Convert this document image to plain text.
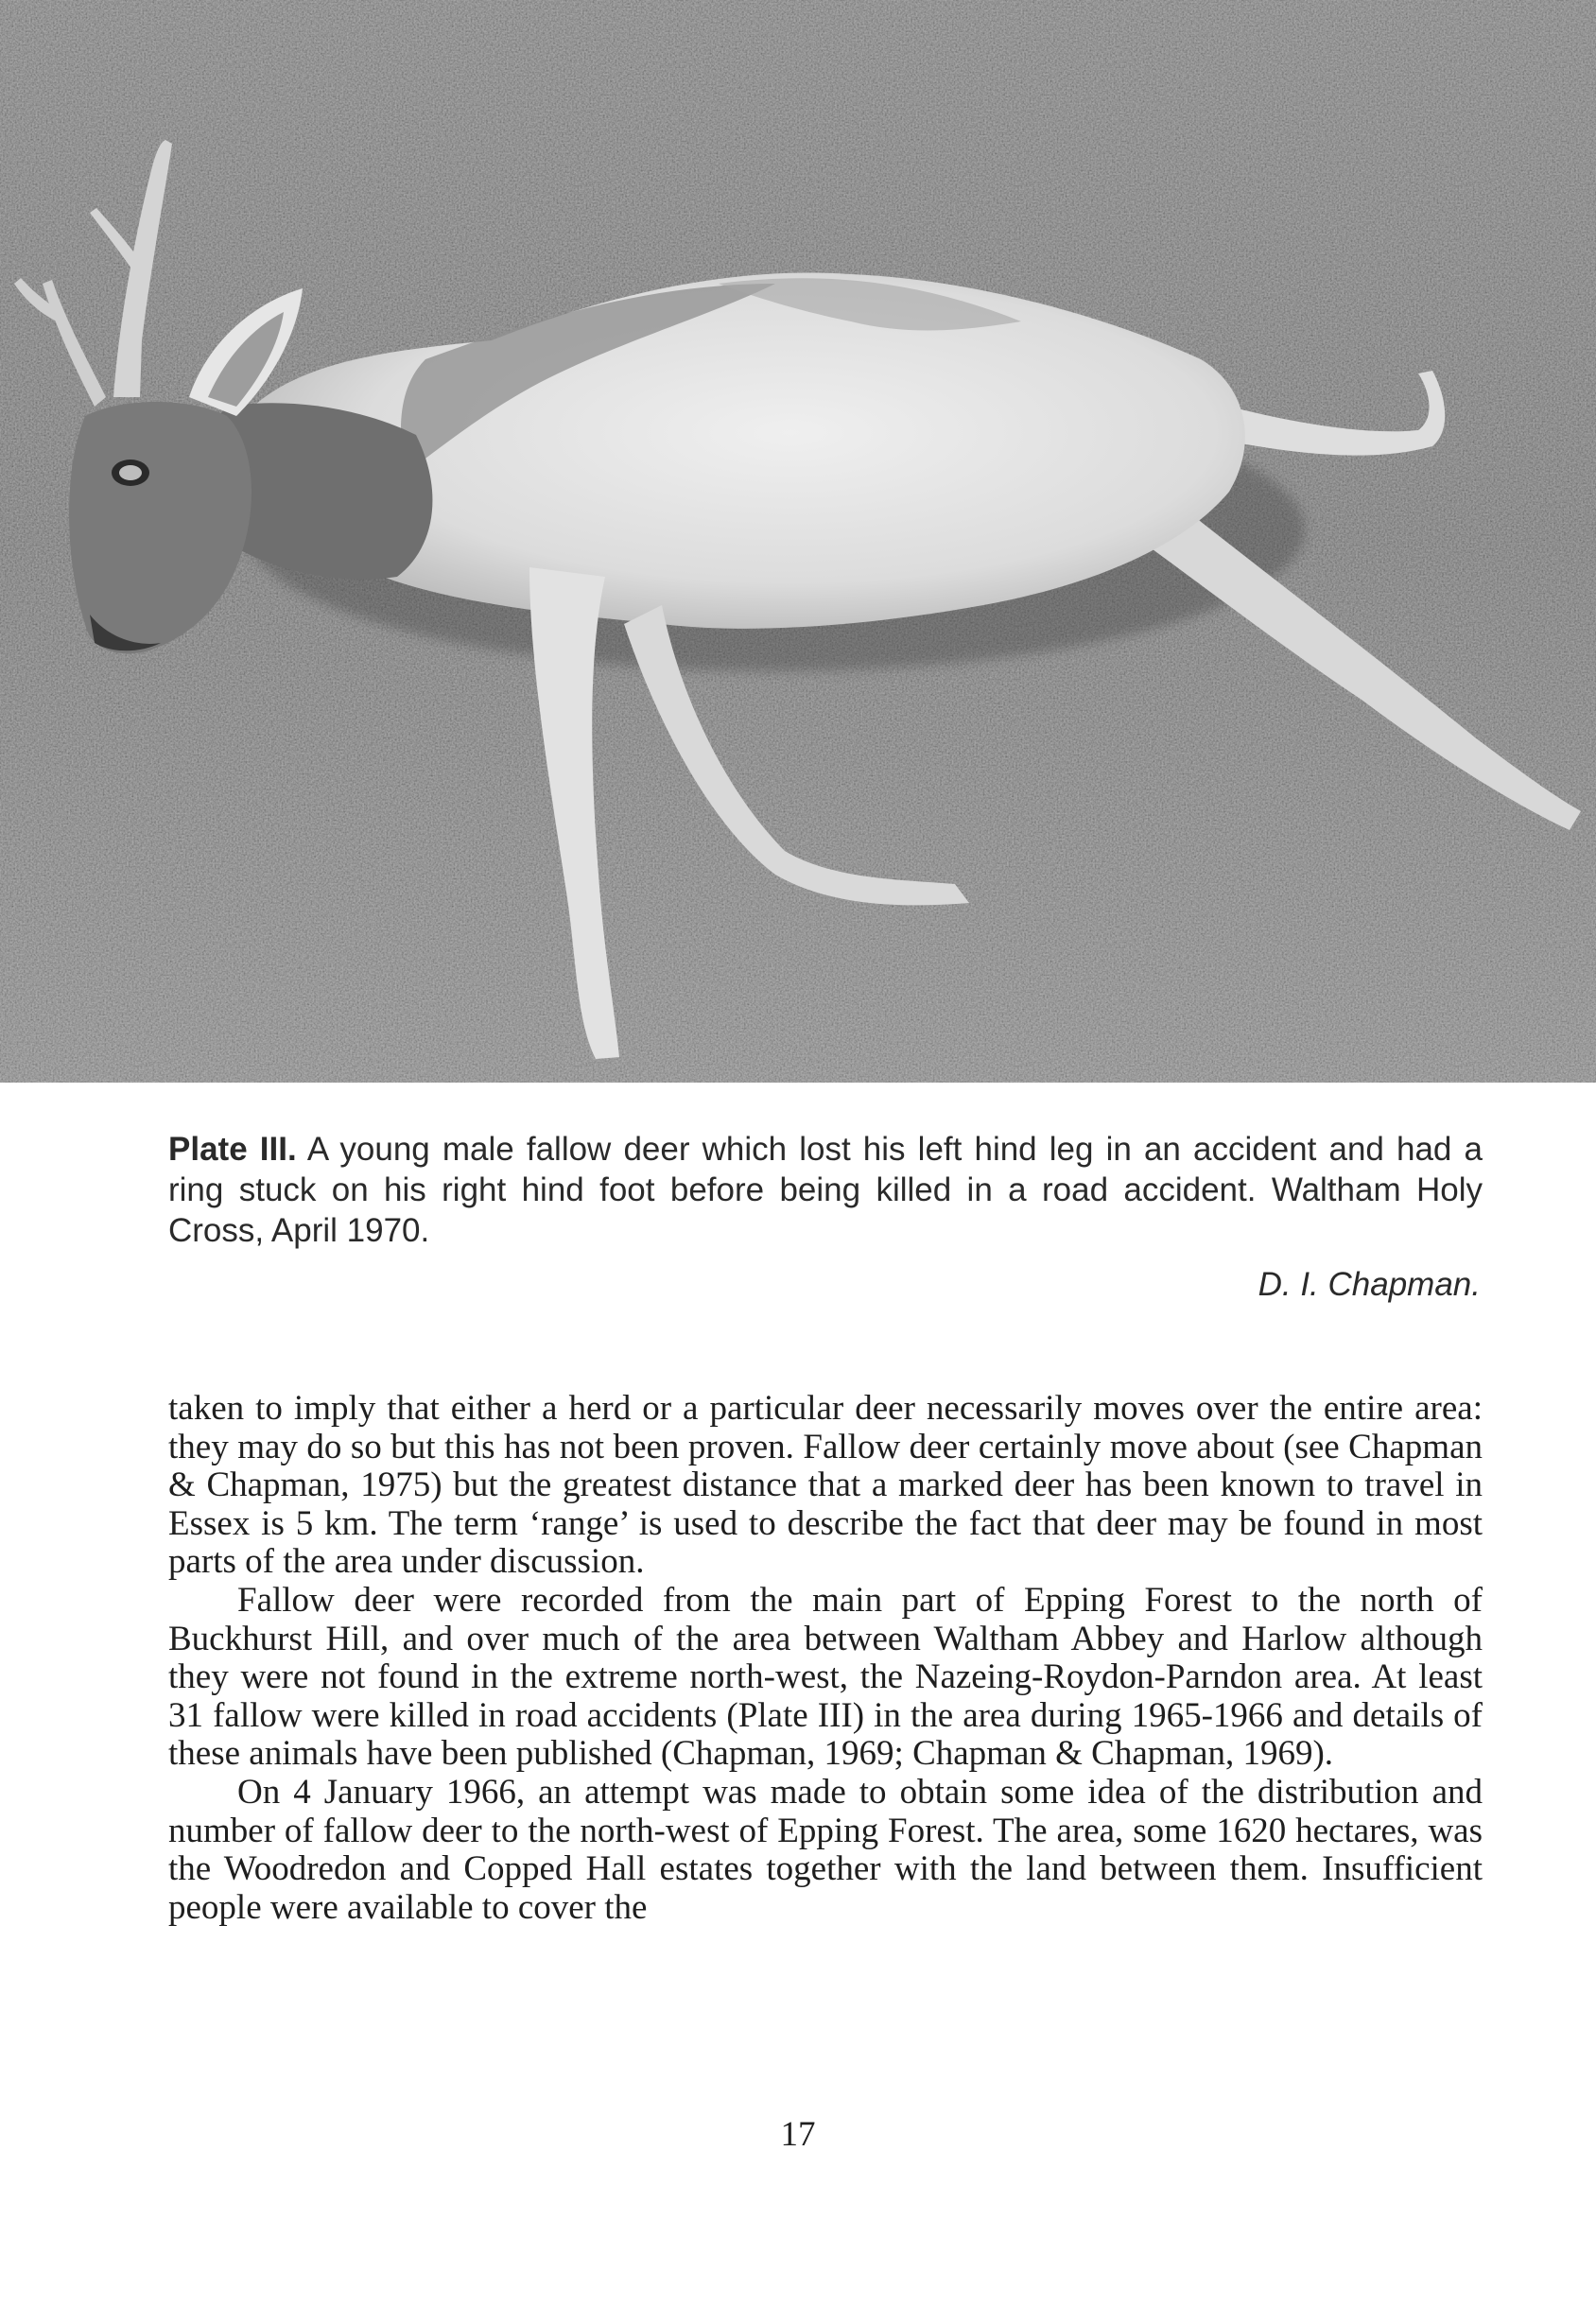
Plate III. A young male fallow deer which lost his left hind leg in an accident and had a ring stuck on his right hind foot before being killed in a road accident. Waltham Holy Cross, April 1970.
D. I. Chapman.

taken to imply that either a herd or a particular deer necessarily moves over the entire area: they may do so but this has not been proven. Fallow deer certainly move about (see Chapman & Chapman, 1975) but the greatest distance that a marked deer has been known to travel in Essex is 5 km. The term ‘range’ is used to describe the fact that deer may be found in most parts of the area under discussion.

Fallow deer were recorded from the main part of Epping Forest to the north of Buckhurst Hill, and over much of the area between Waltham Abbey and Harlow although they were not found in the extreme north-west, the Nazeing-Roydon-Parndon area. At least 31 fallow were killed in road accidents (Plate III) in the area during 1965-1966 and details of these animals have been published (Chapman, 1969; Chapman & Chapman, 1969).

On 4 January 1966, an attempt was made to obtain some idea of the distribution and number of fallow deer to the north-west of Epping Forest. The area, some 1620 hectares, was the Woodredon and Copped Hall estates together with the land between them. Insufficient people were available to cover the

17
